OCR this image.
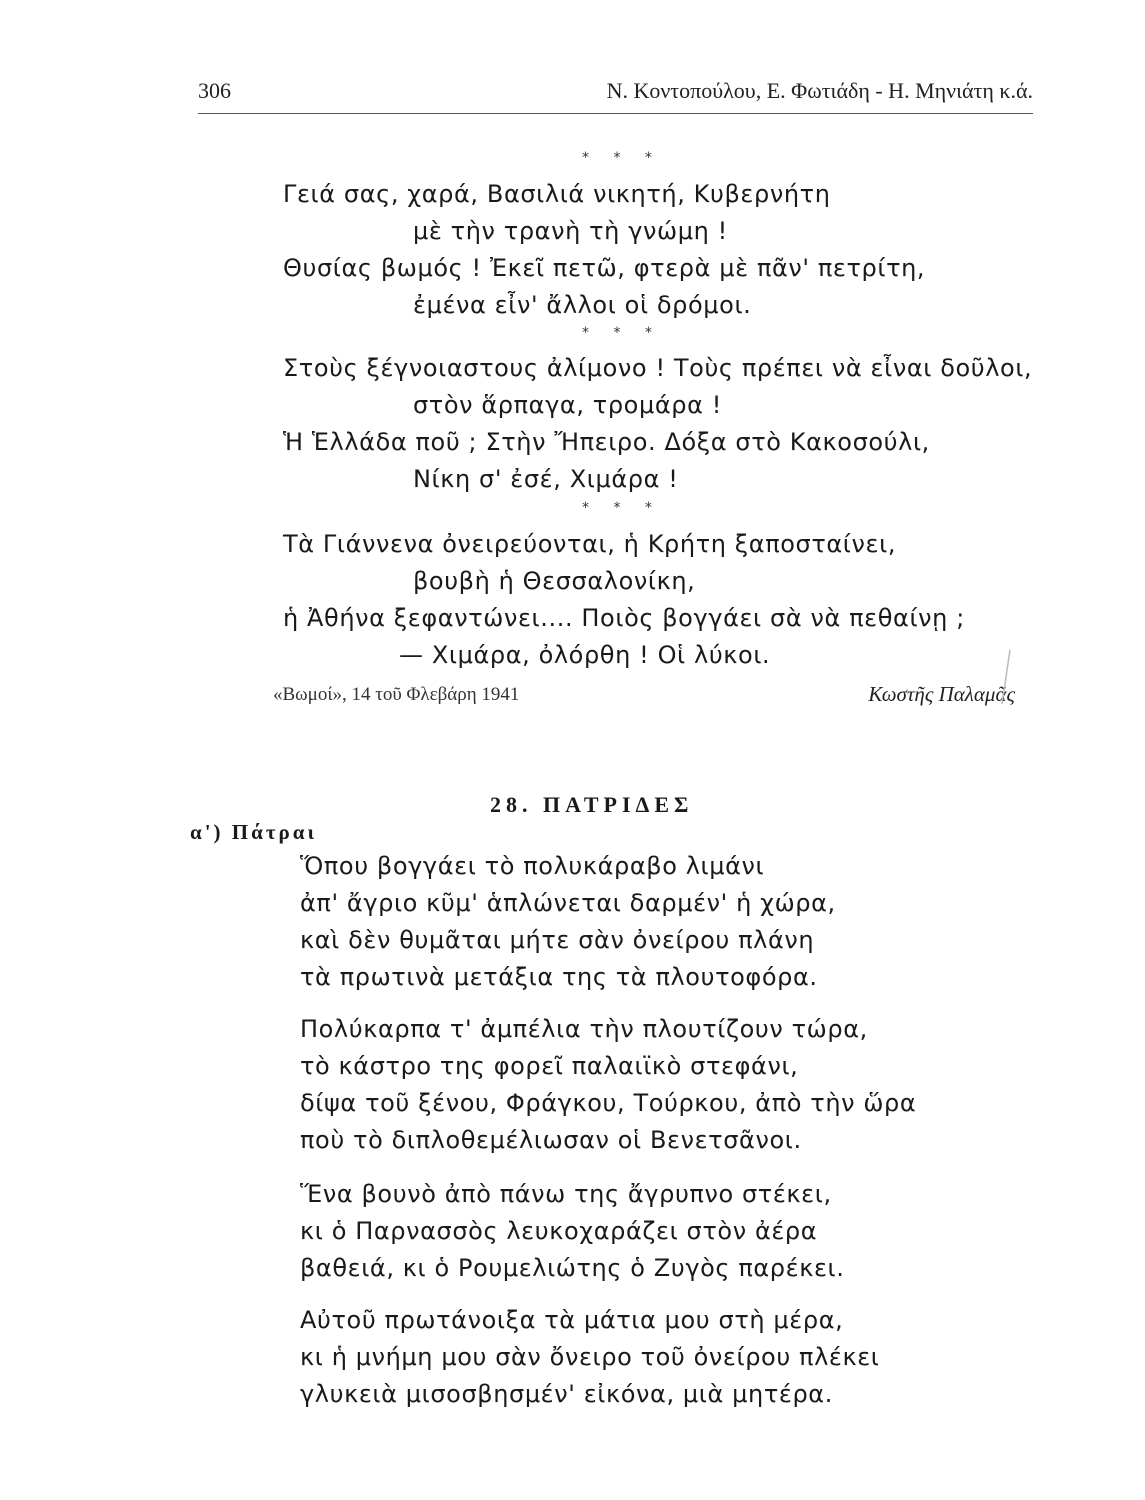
306	Ν. Κοντοπούλου, Ε. Φωτιάδη - Η. Μηνιάτη κ.ά.
* * *
Γειά σας, χαρά, Βασιλιά νικητή, Κυβερνήτη
μὲ τὴν τρανὴ τὴ γνώμη !
Θυσίας βωμός ! Ἐκεῖ πετῶ, φτερὰ μὲ πᾶν' πετρίτη,
ἐμένα εἶν' ἄλλοι οἱ δρόμοι.
* * *
Στοὺς ξέγνοιαστους ἀλίμονο ! Τοὺς πρέπει νὰ εἶναι δοῦλοι,
στὸν ἅρπαγα, τρομάρα !
Ἡ Ἑλλάδα ποῦ ; Στὴν Ἤπειρο. Δόξα στὸ Κακοσούλι,
Νίκη σ' ἐσέ, Χιμάρα !
* * *
Τὰ Γιάννενα ὀνειρεύονται, ἡ Κρήτη ξαποσταίνει,
βουβὴ ἡ Θεσσαλονίκη,
ἡ Ἀθήνα ξεφαντώνει.... Ποιὸς βογγάει σὰ νὰ πεθαίνῃ ;
— Χιμάρα, ὀλόρθη ! Οἱ λύκοι.
«Βωμοί», 14 τοῦ Φλεβάρη 1941	Κωστῆς Παλαμᾶς
28. ΠΑΤΡΙΔΕΣ
α') Πάτραι
Ὅπου βογγάει τὸ πολυκάραβο λιμάνι
ἀπ' ἄγριο κῦμ' ἁπλώνεται δαρμέν' ἡ χώρα,
καὶ δὲν θυμᾶται μήτε σὰν ὀνείρου πλάνη
τὰ πρωτινὰ μετάξια της τὰ πλουτοφόρα.
Πολύκαρπα τ' ἀμπέλια τὴν πλουτίζουν τώρα,
τὸ κάστρο της φορεῖ παλαιϊκὸ στεφάνι,
δίψα τοῦ ξένου, Φράγκου, Τούρκου, ἀπὸ τὴν ὥρα
ποὺ τὸ διπλοθεμέλιωσαν οἱ Βενετσᾶνοι.
Ἕνα βουνὸ ἀπὸ πάνω της ἄγρυπνο στέκει,
κι ὁ Παρνασσὸς λευκοχαράζει στὸν ἀέρα
βαθειά, κι ὁ Ρουμελιώτης ὁ Ζυγὸς παρέκει.
Αὐτοῦ πρωτάνοιξα τὰ μάτια μου στὴ μέρα,
κι ἡ μνήμη μου σὰν ὄνειρο τοῦ ὀνείρου πλέκει
γλυκειὰ μισοσβησμέν' εἰκόνα, μιὰ μητέρα.
